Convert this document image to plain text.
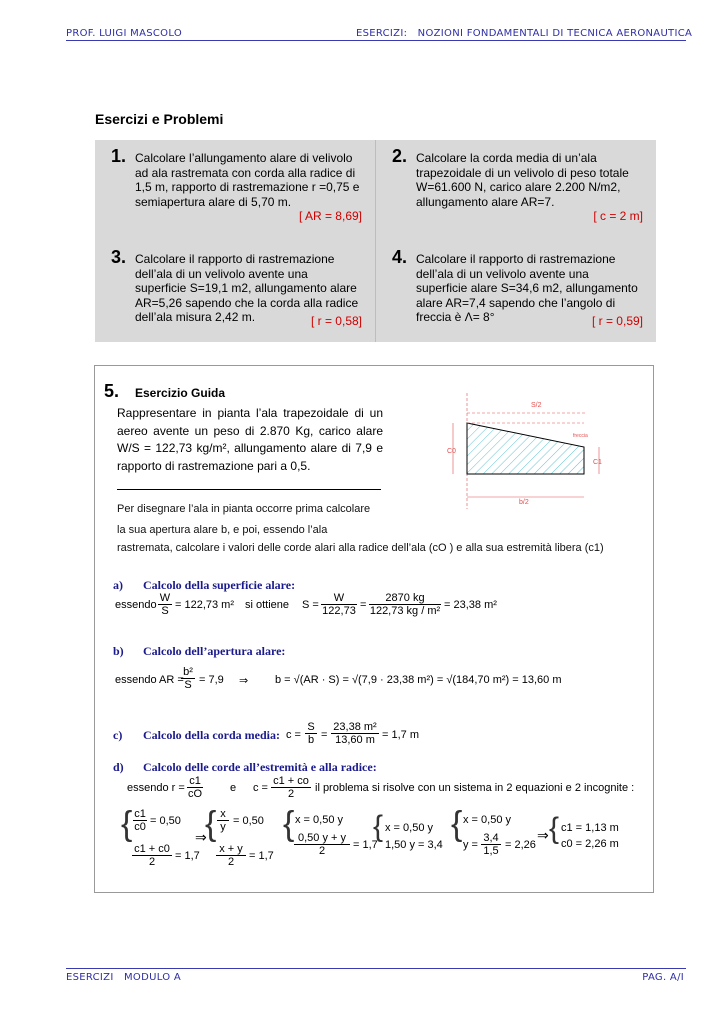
PROF. LUIGI MASCOLO	ESERCIZI:   NOZIONI FONDAMENTALI DI TECNICA AERONAUTICA
Esercizi e Problemi
1. Calcolare l’allungamento alare di velivolo
ad ala rastremata con corda alla radice di
1,5 m, rapporto di rastremazione r =0,75 e
semiapertura alare di 5,70 m.
[ AR = 8,69]
2. Calcolare la corda media di un’ala
trapezoidale di un velivolo di peso totale
W=61.600 N, carico alare 2.200 N/m2,
allungamento alare AR=7.
[ c = 2 m]
3. Calcolare il rapporto di rastremazione
dell’ala di un velivolo avente una
superficie S=19,1 m2, allungamento alare
AR=5,26 sapendo che la corda alla radice
dell’ala misura 2,42 m.	[ r = 0,58]
4. Calcolare il rapporto di rastremazione
dell’ala di un velivolo avente una
superficie alare S=34,6 m2, allungamento
alare AR=7,4 sapendo che l’angolo di
freccia è Λ= 8°	[ r = 0,59]
5. Esercizio Guida
Rappresentare in pianta l’ala trapezoidale di un aereo avente un peso di 2.870 Kg, carico alare W/S = 122,73 kg/m², allungamento alare di 7,9 e rapporto di rastremazione pari a 0,5.
Per disegnare l’ala in pianta occorre prima calcolare
la sua apertura alare b, e poi, essendo l’ala
rastremata, calcolare i valori delle corde alari alla radice dell’ala (cO ) e alla sua estremità libera (c1)
S/2
C0
C1
b/2
freccia
a) Calcolo della superficie alare:
essendo $\frac{W}{S} = 122,73$ m² si ottiene $S = \frac{W}{122,73} = \frac{2870 kg}{\text{122,73 kg / m²}} = 23,38$ m²
b) Calcolo dell’apertura alare:
essendo AR =
$\frac{\text{b²}}{S} = 7,9$ ⇒ b = √(AR · S) = √(7,9 · 23,38 m²) = √(184,70 m²) = 13,60 m
c) Calcolo della corda media: $c = \frac{S}{b} = \frac{\text{23,38 m²}}{13,60 m} = 1,7$ m
d) Calcolo delle corde all’estremità e alla radice:
essendo $r = \frac{c1}{cO}$ e $c = \frac{c1 + co}{2}$ il problema si risolve con un sistema in 2 equazioni e 2 incognite :
{ $\frac{c1}{c0} = 0,50$
$\frac{c1 + c0}{2} = 1,7$
⇒
{ $\frac{x}{y} = 0,50$
$\frac{x + y}{2} = 1,7$
{ x = 0,50 y
$\frac{0,50 y + y}{2} = 1,7$
{ x = 0,50 y
1,50 y = 3,4
{ x = 0,50 y
$y = \frac{3,4}{1,5} = 2,26$
⇒ { c1 = 1,13 m
c0 = 2,26 m
ESERCIZI   MODULO A	PAG. A/I
